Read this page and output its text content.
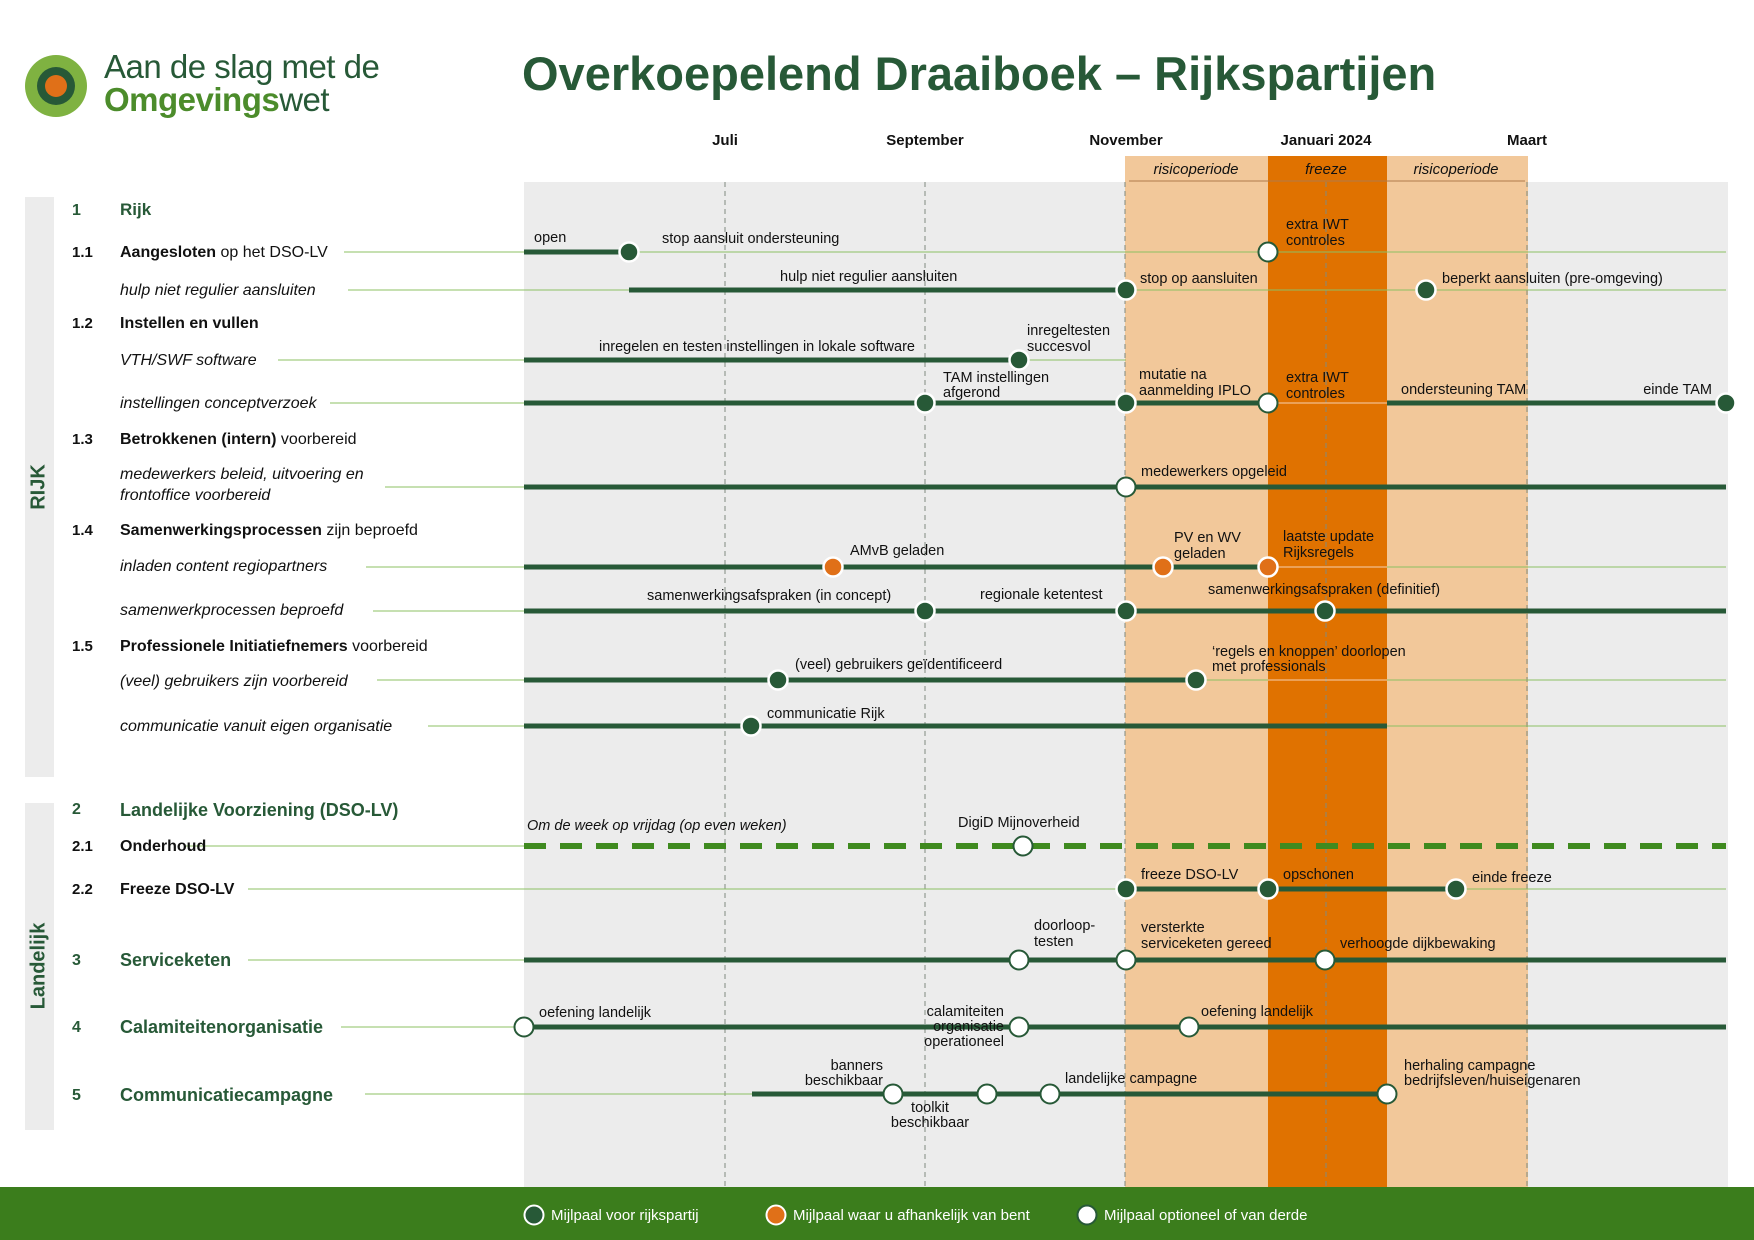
RIJK
Landelijk
Juli	September	November	Januari 2024	Maart
risicoperiode	freeze	risicoperiode
1
2
3
4
5
1.1
1.2
1.3
1.4
1.5
2.1
2.2
Rijk
Landelijke Voorziening (DSO-LV)
Serviceketen
Calamiteitenorganisatie
Communicatiecampagne
Aangesloten op het DSO-LV
Instellen en vullen
Betrokkenen (intern) voorbereid
Samenwerkingsprocessen zijn beproefd
Professionele Initiatiefnemers voorbereid
Onderhoud
Freeze DSO-LV
hulp niet regulier aansluiten
VTH/SWF software
instellingen conceptverzoek
medewerkers beleid, uitvoering en
frontoffice voorbereid
inladen content regiopartners
samenwerkprocessen beproefd
(veel) gebruikers zijn voorbereid
communicatie vanuit eigen organisatie
open	stop aansluit ondersteuning
extra IWT
controles
hulp niet regulier aansluiten	stop op aansluiten	beperkt aansluiten (pre-omgeving)
inregelen en testen instellingen in lokale software
inregeltesten
succesvol
TAM instellingen
afgerond
mutatie na
aanmelding IPLO
extra IWT
controles	ondersteuning TAM	einde TAM
medewerkers opgeleid
AMvB geladen
PV en WV
geladen
laatste update
Rijksregels
samenwerkingsafspraken (in concept)	regionale ketentest	samenwerkingsafspraken (definitief)
(veel) gebruikers geïdentificeerd
‘regels en knoppen’ doorlopen
met professionals
communicatie Rijk
Om de week op vrijdag (op even weken)	DigiD Mijnoverheid
freeze DSO-LV	opschonen	einde freeze
doorloop-
testen
versterkte
serviceketen gereed	verhoogde dijkbewaking
oefening landelijk	calamiteiten
organisatie
operationeel
oefening landelijk
banners
beschikbaar
toolkit
beschikbaar
landelijke campagne
herhaling campagne
bedrijfsleven/huiseigenaren
Aan de slag met de
Omgevingswet	Overkoepelend Draaiboek – Rijkspartijen
Mijlpaal voor rijkspartij	Mijlpaal waar u afhankelijk van bent	Mijlpaal optioneel of van derde
